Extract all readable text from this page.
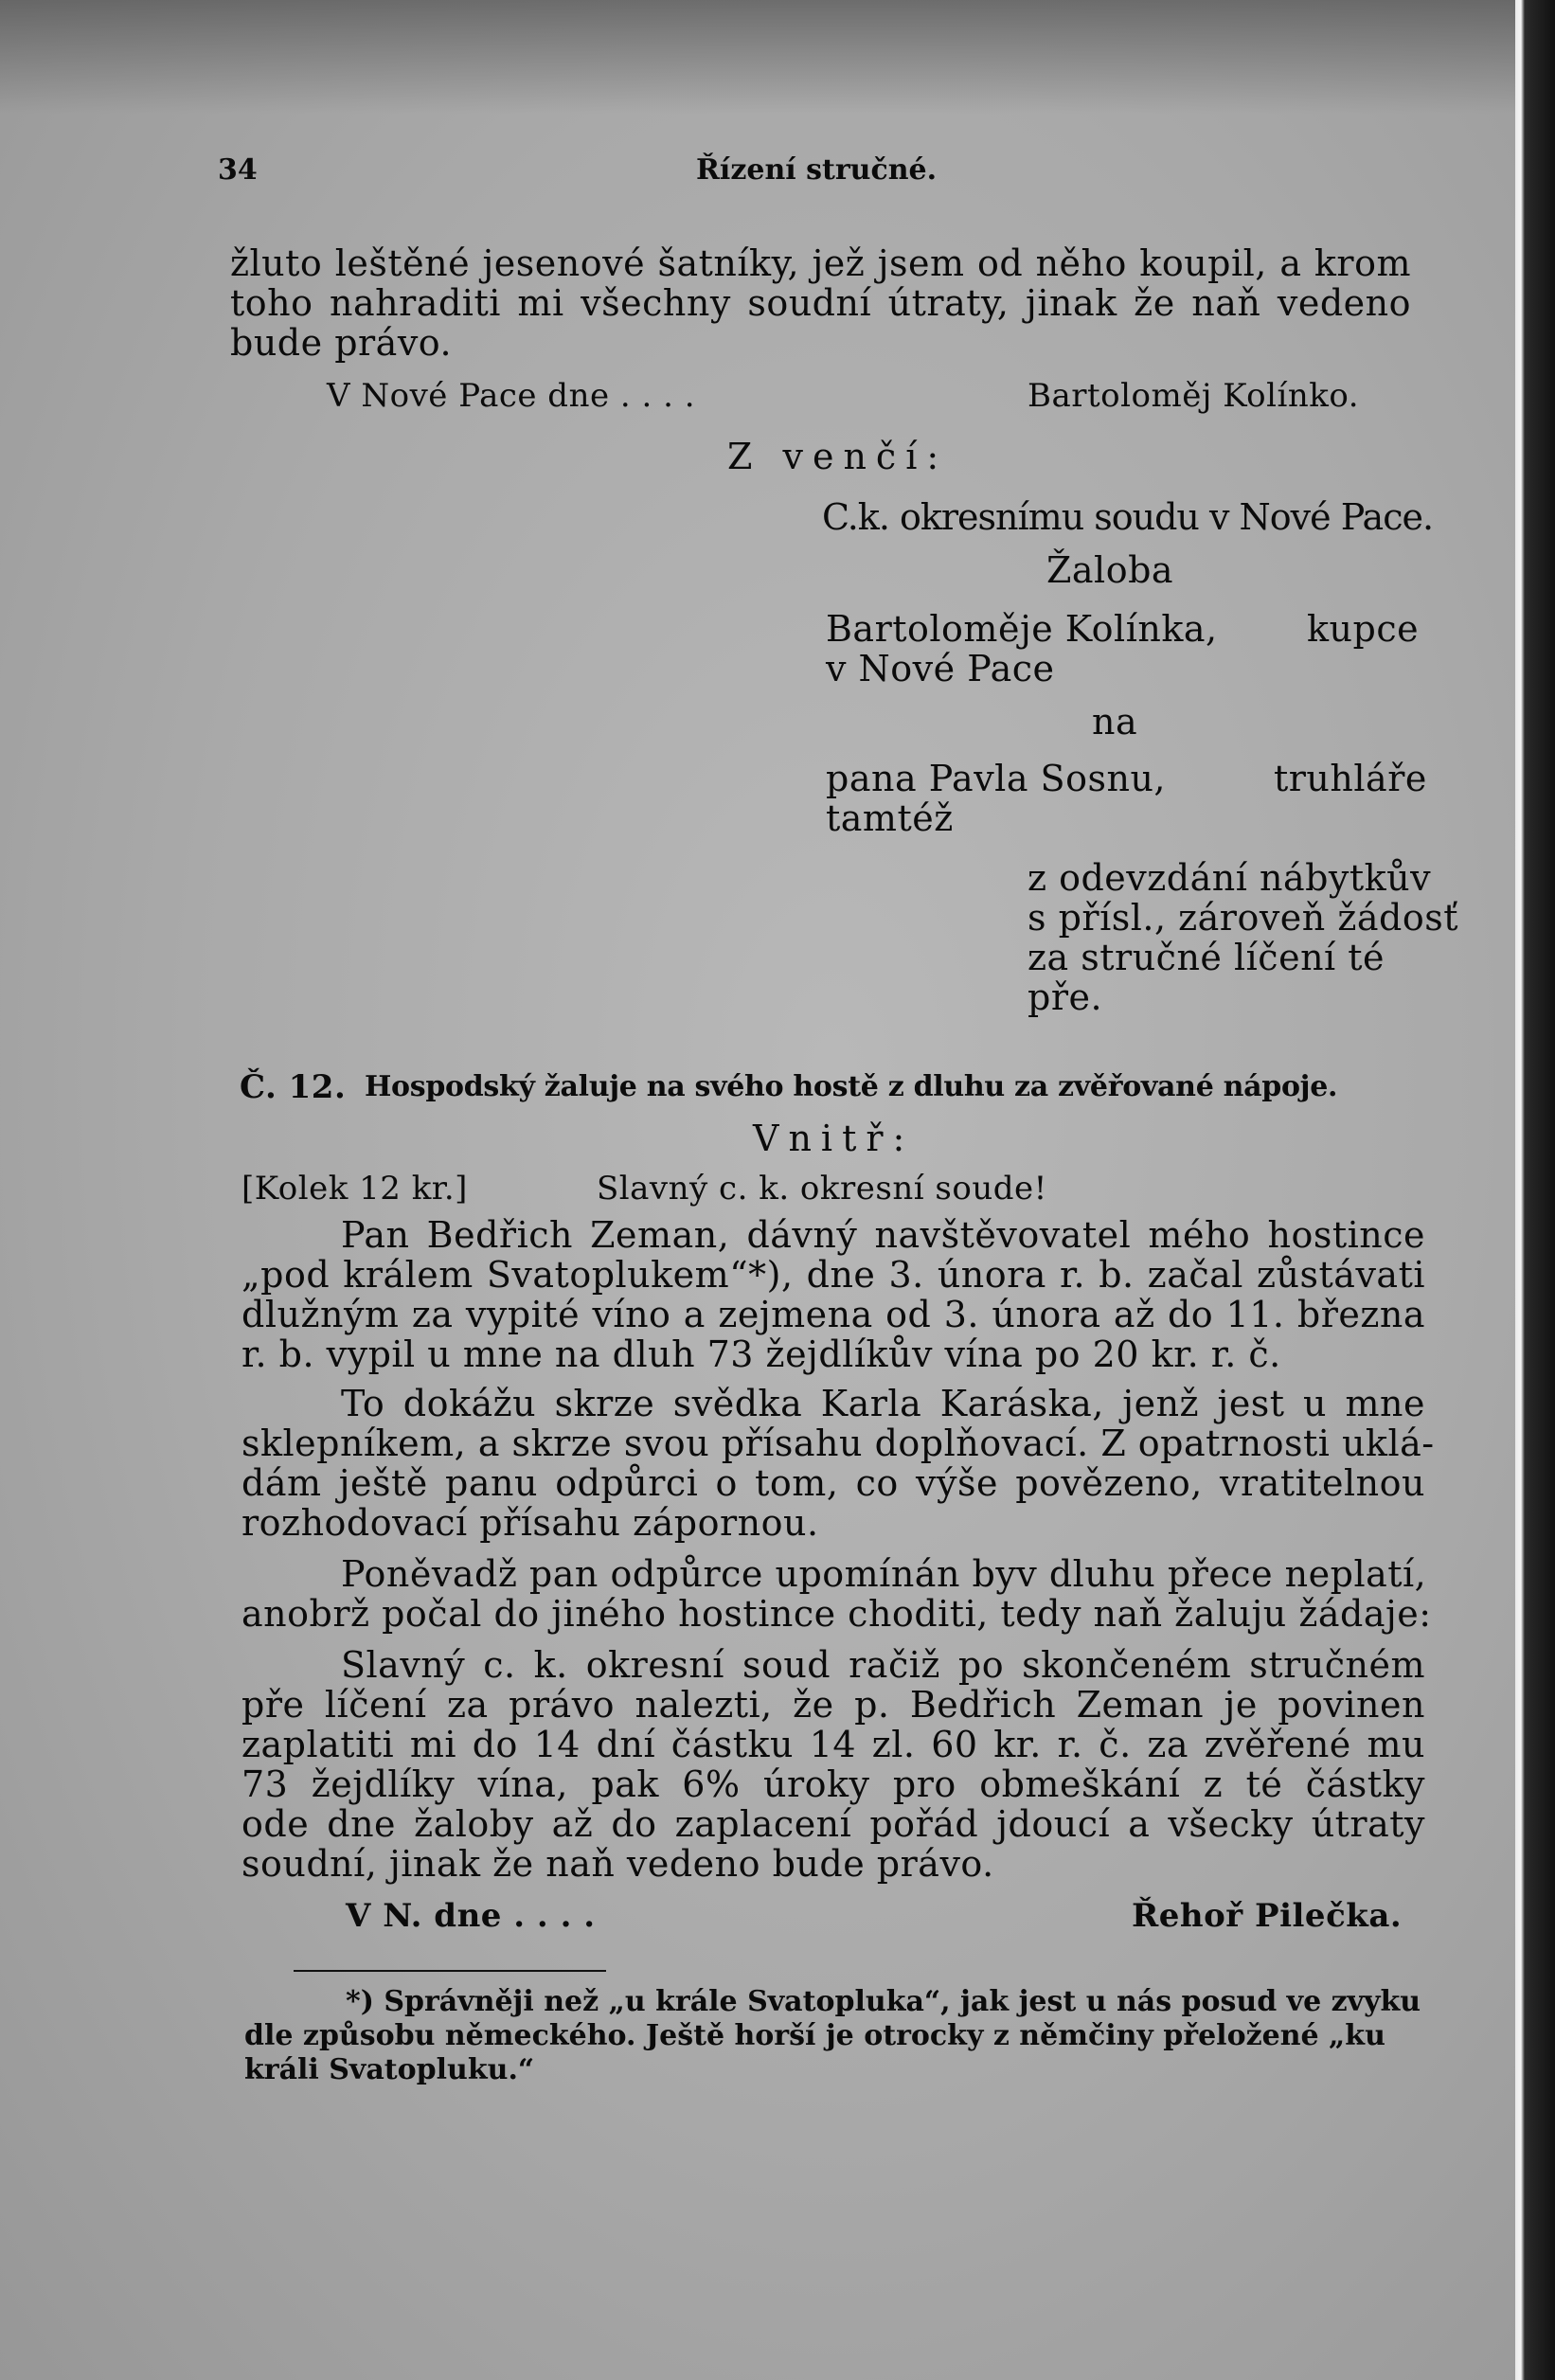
34	Řízení stručné.
žluto leštěné jesenové šatníky, jež jsem od něho koupil, a krom
toho nahraditi mi všechny soudní útraty, jinak že naň vedeno
bude právo.
V Nové Pace dne . . . .	Bartoloměj Kolínko.
Z venčí:
C.k. okresnímu soudu v Nové Pace.
Žaloba
Bartoloměje Kolínka, kupce
v Nové Pace
na
pana Pavla Sosnu,	truhláře
tamtéž
z odevzdání nábytkův
s přísl., zároveň žádosť
za stručné líčení té
pře.
Č. 12. Hospodský žaluje na svého hostě z dluhu za zvěřované nápoje.
Vnitř:
[Kolek 12 kr.]	Slavný c. k. okresní soude!
Pan Bedřich Zeman, dávný navštěvovatel mého hostince
„pod králem Svatoplukem“*), dne 3. února r. b. začal zůstávati
dlužným za vypité víno a zejmena od 3. února až do 11. března
r. b. vypil u mne na dluh 73 žejdlíkův vína po 20 kr. r. č.
To dokážu skrze svědka Karla Karáska, jenž jest u mne
sklepníkem, a skrze svou přísahu doplňovací. Z opatrnosti uklá-
dám ještě panu odpůrci o tom, co výše povězeno, vratitelnou
rozhodovací přísahu zápornou.
Poněvadž pan odpůrce upomínán byv dluhu přece neplatí,
anobrž počal do jiného hostince choditi, tedy naň žaluju žádaje:
Slavný c. k. okresní soud račiž po skončeném stručném
pře líčení za právo nalezti, že p. Bedřich Zeman je povinen
zaplatiti mi do 14 dní částku 14 zl. 60 kr. r. č. za zvěřené mu
73 žejdlíky vína, pak 6% úroky pro obmeškání z té částky
ode dne žaloby až do zaplacení pořád jdoucí a všecky útraty
soudní, jinak že naň vedeno bude právo.
V N. dne . . . .	Řehoř Pilečka.
*) Správněji než „u krále Svatopluka“, jak jest u nás posud ve zvyku
dle způsobu německého. Ještě horší je otrocky z němčiny přeložené „ku
králi Svatopluku.“
